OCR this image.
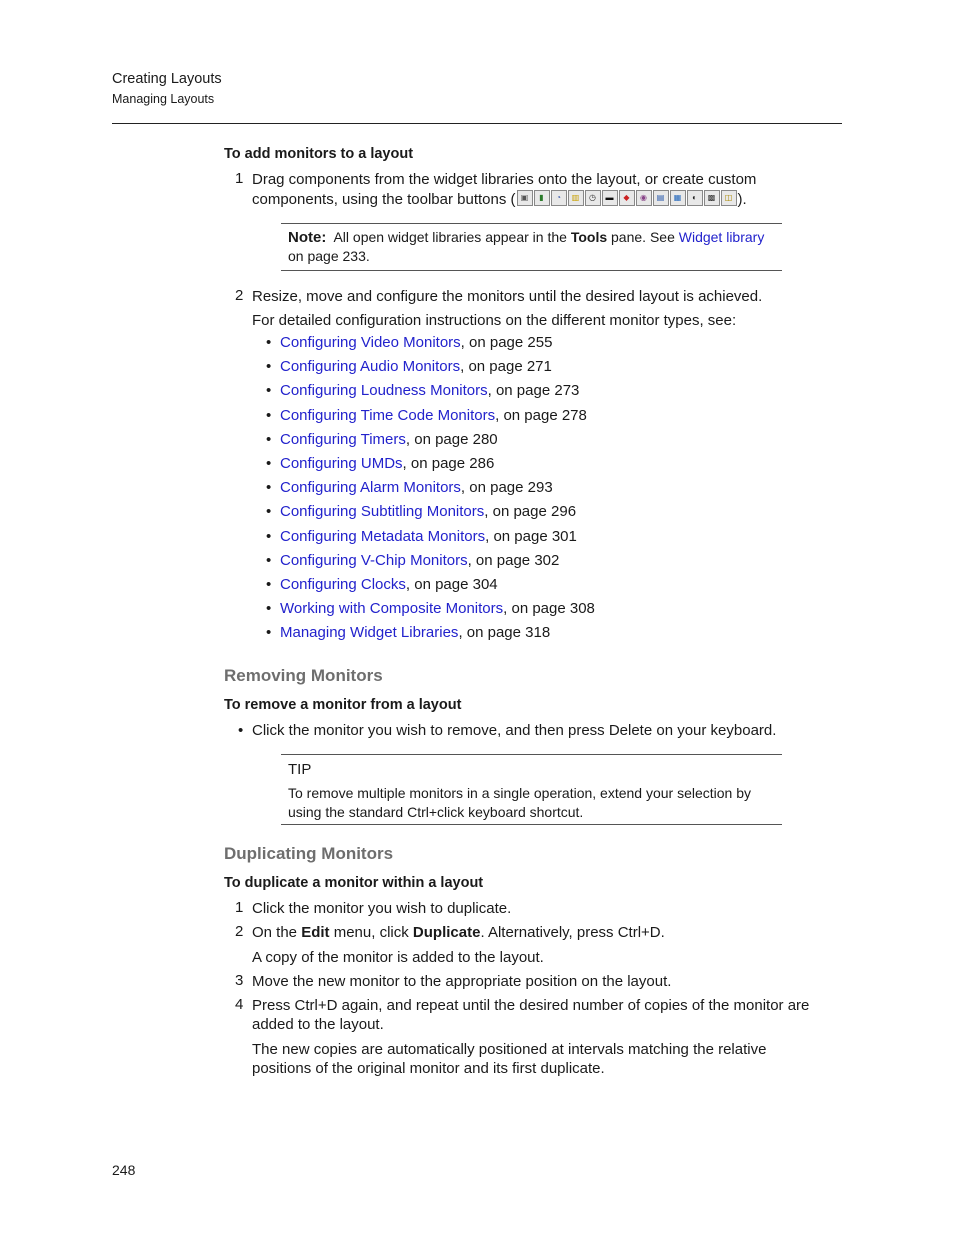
Creating Layouts
Managing Layouts
To add monitors to a layout
1 Drag components from the widget libraries onto the layout, or create custom
components, using the toolbar buttons ( ▣	▮	◔	▥	◷	▬	◆	◉	▤	▦	◐	▩	◫ ).
Note: All open widget libraries appear in the Tools pane. See Widget library
on page 233.
2 Resize, move and configure the monitors until the desired layout is achieved.
For detailed configuration instructions on the different monitor types, see:
• Configuring Video Monitors, on page 255
• Configuring Audio Monitors, on page 271
• Configuring Loudness Monitors, on page 273
• Configuring Time Code Monitors, on page 278
• Configuring Timers, on page 280
• Configuring UMDs, on page 286
• Configuring Alarm Monitors, on page 293
• Configuring Subtitling Monitors, on page 296
• Configuring Metadata Monitors, on page 301
• Configuring V-Chip Monitors, on page 302
• Configuring Clocks, on page 304
• Working with Composite Monitors, on page 308
• Managing Widget Libraries, on page 318
Removing Monitors
To remove a monitor from a layout
• Click the monitor you wish to remove, and then press Delete on your keyboard.
TIP
To remove multiple monitors in a single operation, extend your selection by
using the standard Ctrl+click keyboard shortcut.
Duplicating Monitors
To duplicate a monitor within a layout
1 Click the monitor you wish to duplicate.
2 On the Edit menu, click Duplicate. Alternatively, press Ctrl+D.
A copy of the monitor is added to the layout.
3 Move the new monitor to the appropriate position on the layout.
4 Press Ctrl+D again, and repeat until the desired number of copies of the monitor are
added to the layout.
The new copies are automatically positioned at intervals matching the relative
positions of the original monitor and its first duplicate.
248
